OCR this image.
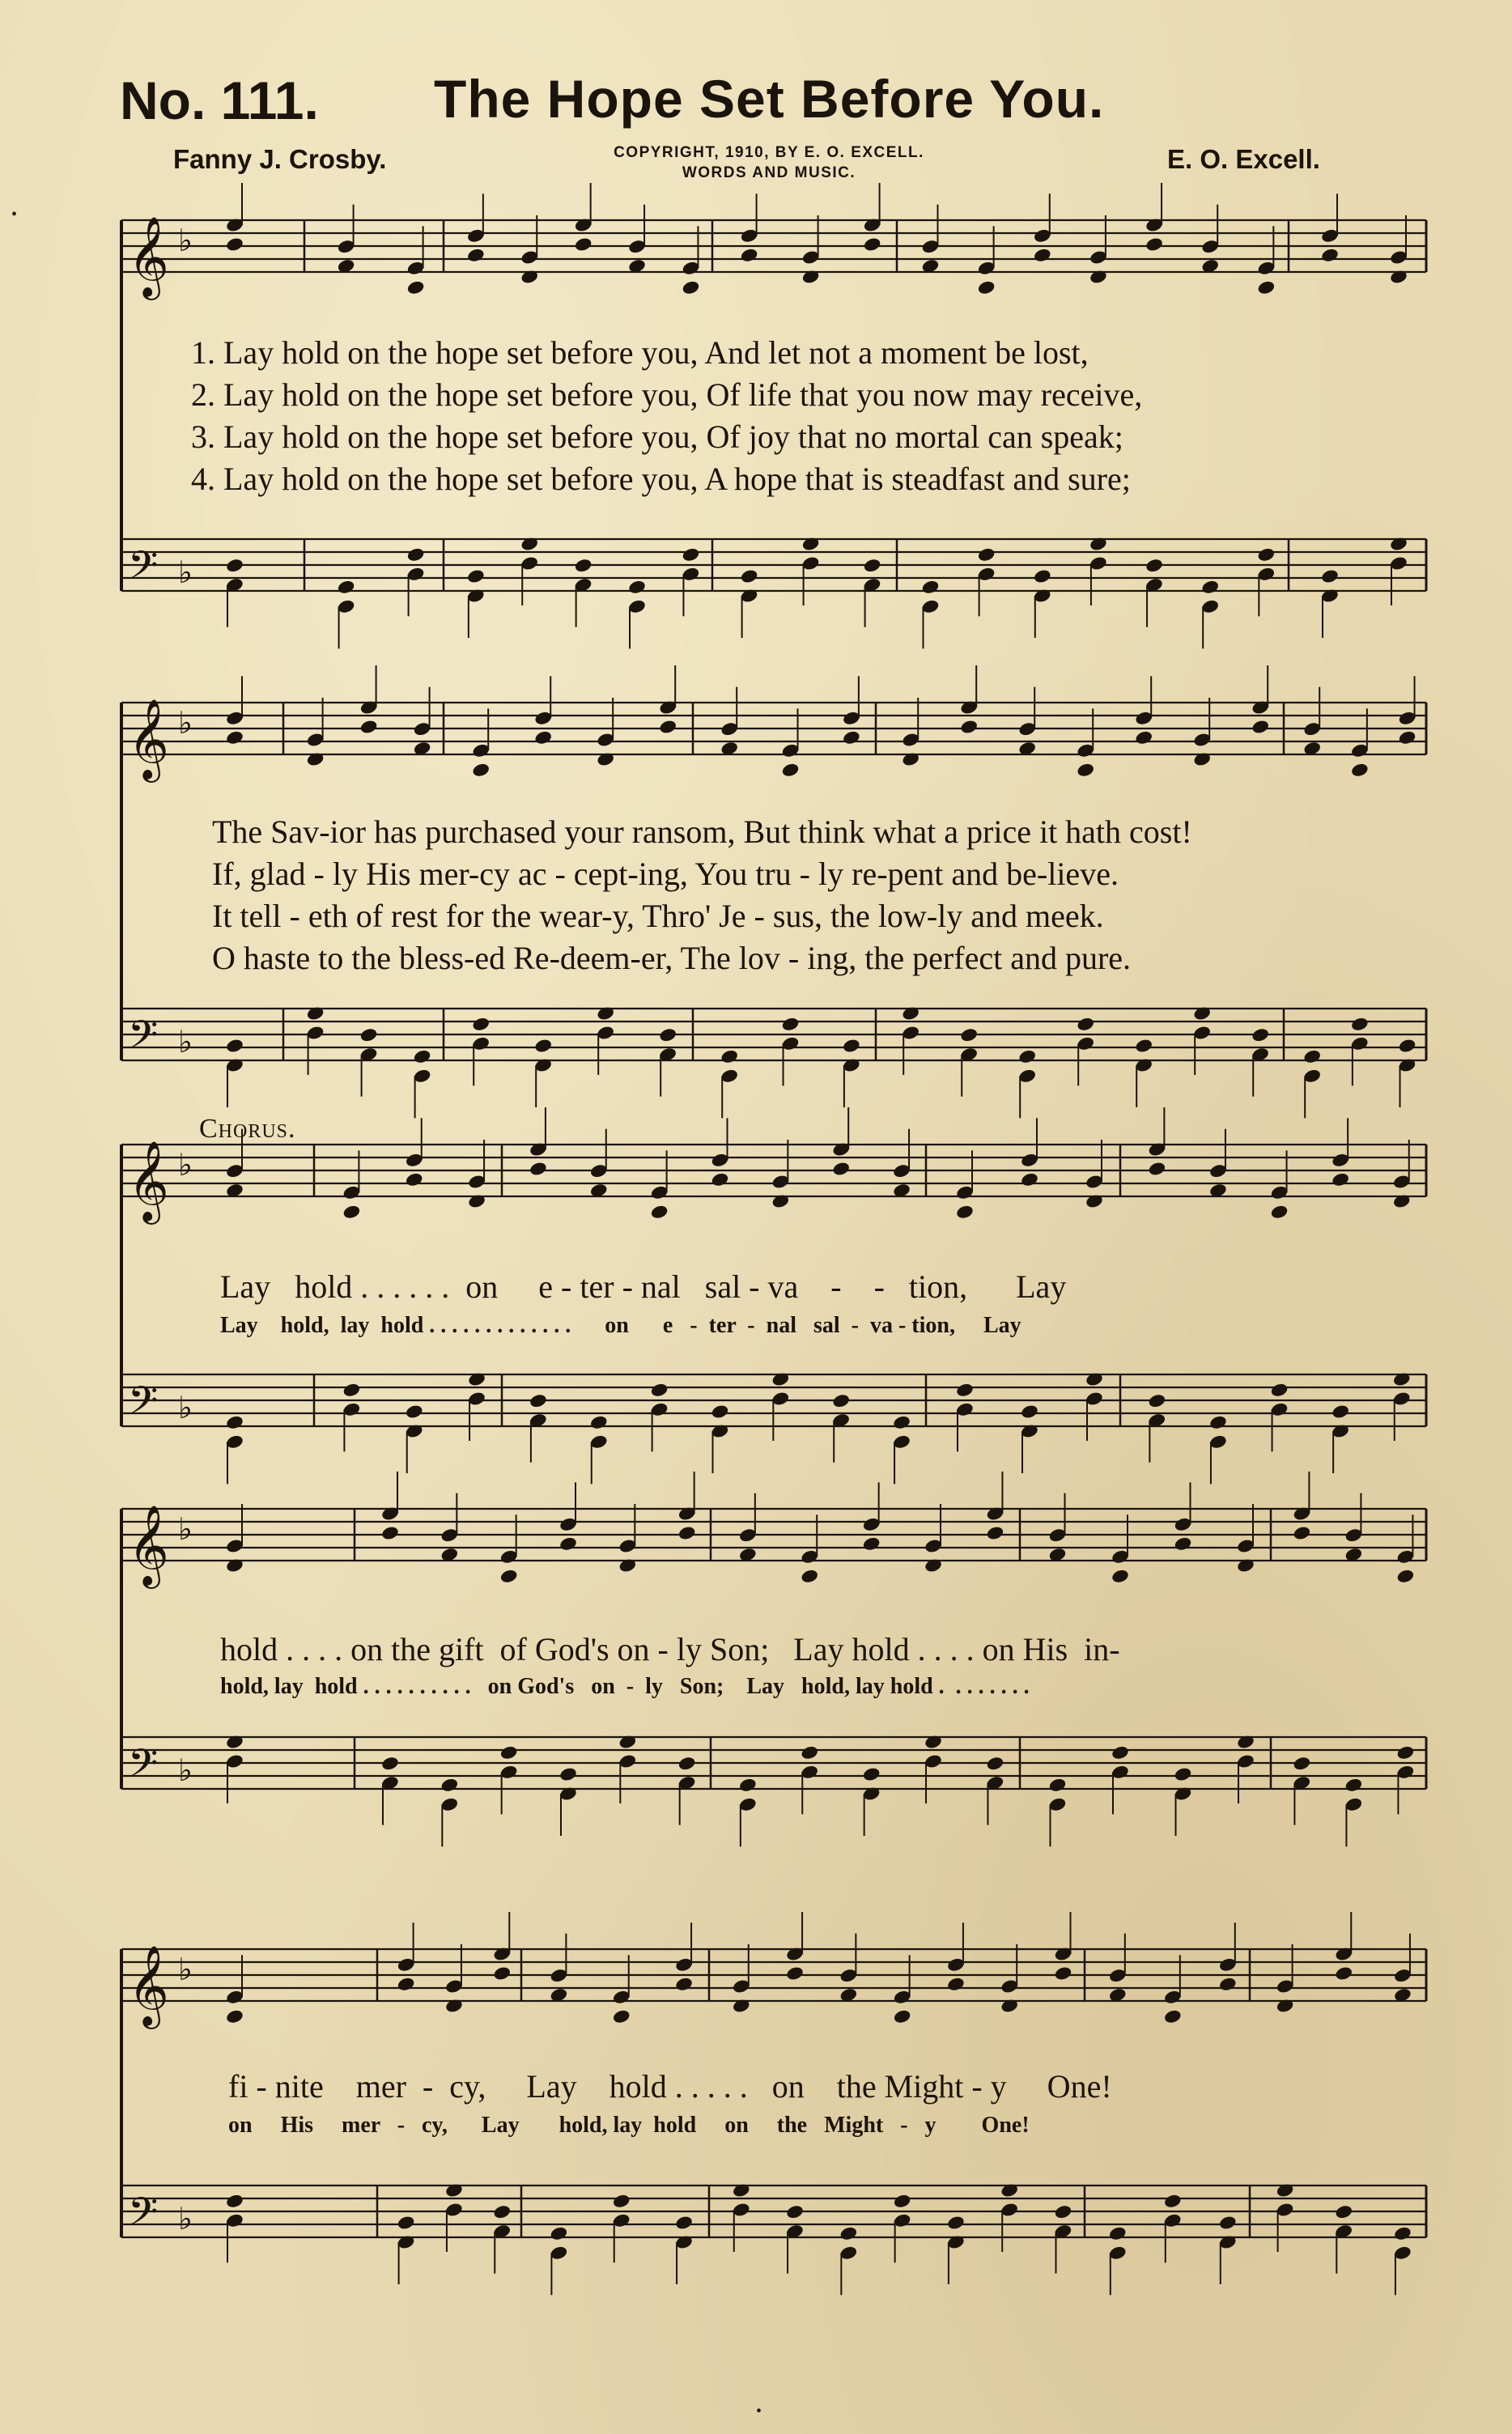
No. 111. The Hope Set Before You.
Fanny J. Crosby.	COPYRIGHT, 1910, BY E. O. EXCELL.
WORDS AND MUSIC.	E. O. Excell.
•
𝄞 ♭
𝄢 ♭
𝄞 ♭
𝄢 ♭
𝄞 ♭
𝄢 ♭
𝄞 ♭
𝄢 ♭
𝄞 ♭
𝄢 ♭
1. Lay hold on the hope set before you, And let not a moment be lost,
2. Lay hold on the hope set before you, Of life that you now may receive,
3. Lay hold on the hope set before you, Of joy that no mortal can speak;
4. Lay hold on the hope set before you, A hope that is steadfast and sure;
The Sav-ior has purchased your ransom, But think what a price it hath cost!
If, glad - ly His mer-cy ac - cept-ing, You tru - ly re-pent and be-lieve.
It tell - eth of rest for the wear-y, Thro' Je - sus, the low-ly and meek.
O haste to the bless-ed Re-deem-er, The lov - ing, the perfect and pure.
Chorus.
Lay   hold . . . . . .  on     e - ter - nal   sal - va    -    -   tion,      Lay
Lay    hold,  lay  hold . . . . . . . . . . . . .      on      e   -  ter  -  nal   sal  -  va - tion,     Lay
hold . . . . on the gift  of God's on - ly Son;   Lay hold . . . . on His  in-
hold, lay  hold . . . . . . . . . .   on God's   on  -  ly   Son;    Lay   hold, lay hold .  . . . . . . .
fi - nite    mer  -  cy,     Lay    hold . . . . .   on    the Might - y     One!
on     His     mer   -   cy,      Lay       hold, lay  hold     on     the   Might   -   y        One!
•
